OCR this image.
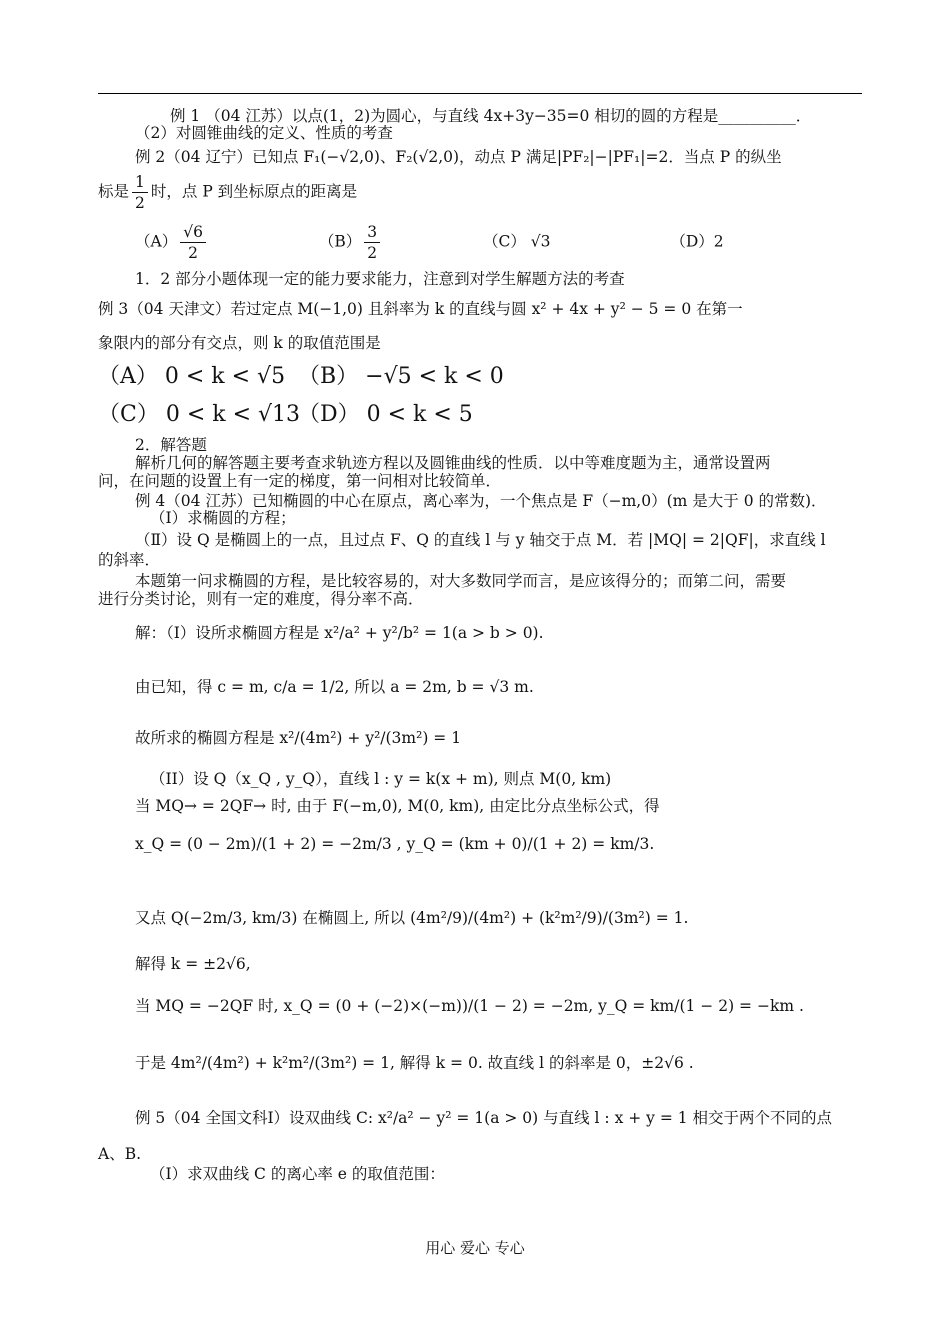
例 1 （04 江苏）以点(1，2)为圆心，与直线 4x+3y−35=0 相切的圆的方程是__________．
（2）对圆锥曲线的定义、性质的考查
例 2（04 辽宁）已知点 F₁(−√2,0)、F₂(√2,0)，动点 P 满足|PF₂|−|PF₁|=2．当点 P 的纵坐
标是 $\frac{1}{2}$ 时，点 P 到坐标原点的距离是
$(A) \frac{√6}{2}$	$(B) \frac{3}{2}$	（C） √3	（D）2
1．2 部分小题体现一定的能力要求能力，注意到对学生解题方法的考查
例 3（04 天津文）若过定点 M(−1,0) 且斜率为 k 的直线与圆 x² + 4x + y² − 5 = 0 在第一
象限内的部分有交点，则 k 的取值范围是
（A） 0 < k < √5 （B） −√5 < k < 0
（C） 0 < k < √13
（D） 0 < k < 5
2．解答题
解析几何的解答题主要考查求轨迹方程以及圆锥曲线的性质．以中等难度题为主，通常设置两
问，在问题的设置上有一定的梯度，第一问相对比较简单．
例 4（04 江苏）已知椭圆的中心在原点，离心率为，一个焦点是 F（−m,0）(m 是大于 0 的常数)．
（Ⅰ）求椭圆的方程；
（Ⅱ）设 Q 是椭圆上的一点，且过点 F、Q 的直线 l 与 y 轴交于点 M．若 |MQ| = 2|QF|，求直线 l
的斜率．
本题第一问求椭圆的方程，是比较容易的，对大多数同学而言，是应该得分的；而第二问，需要
进行分类讨论，则有一定的难度，得分率不高．
解：（I）设所求椭圆方程是 x²/a² + y²/b² = 1(a > b > 0).
由已知，得 c = m, c/a = 1/2, 所以 a = 2m, b = √3 m.
故所求的椭圆方程是 x²/(4m²) + y²/(3m²) = 1
（II）设 Q（x_Q , y_Q），直线 l : y = k(x + m), 则点 M(0, km)
当 MQ→ = 2QF→ 时, 由于 F(−m,0), M(0, km), 由定比分点坐标公式，得
x_Q = (0 − 2m)/(1 + 2) = −2m/3 , y_Q = (km + 0)/(1 + 2) = km/3.
又点 Q(−2m/3, km/3) 在椭圆上, 所以 (4m²/9)/(4m²) + (k²m²/9)/(3m²) = 1.
解得 k = ±2√6,
当 MQ = −2QF 时, x_Q = (0 + (−2)×(−m))/(1 − 2) = −2m, y_Q = km/(1 − 2) = −km .
于是 4m²/(4m²) + k²m²/(3m²) = 1, 解得 k = 0. 故直线 l 的斜率是 0，±2√6 .
例 5（04 全国文科Ⅰ）设双曲线 C: x²/a² − y² = 1(a > 0) 与直线 l : x + y = 1 相交于两个不同的点
A、B.
（I）求双曲线 C 的离心率 e 的取值范围：
用心 爱心 专心
